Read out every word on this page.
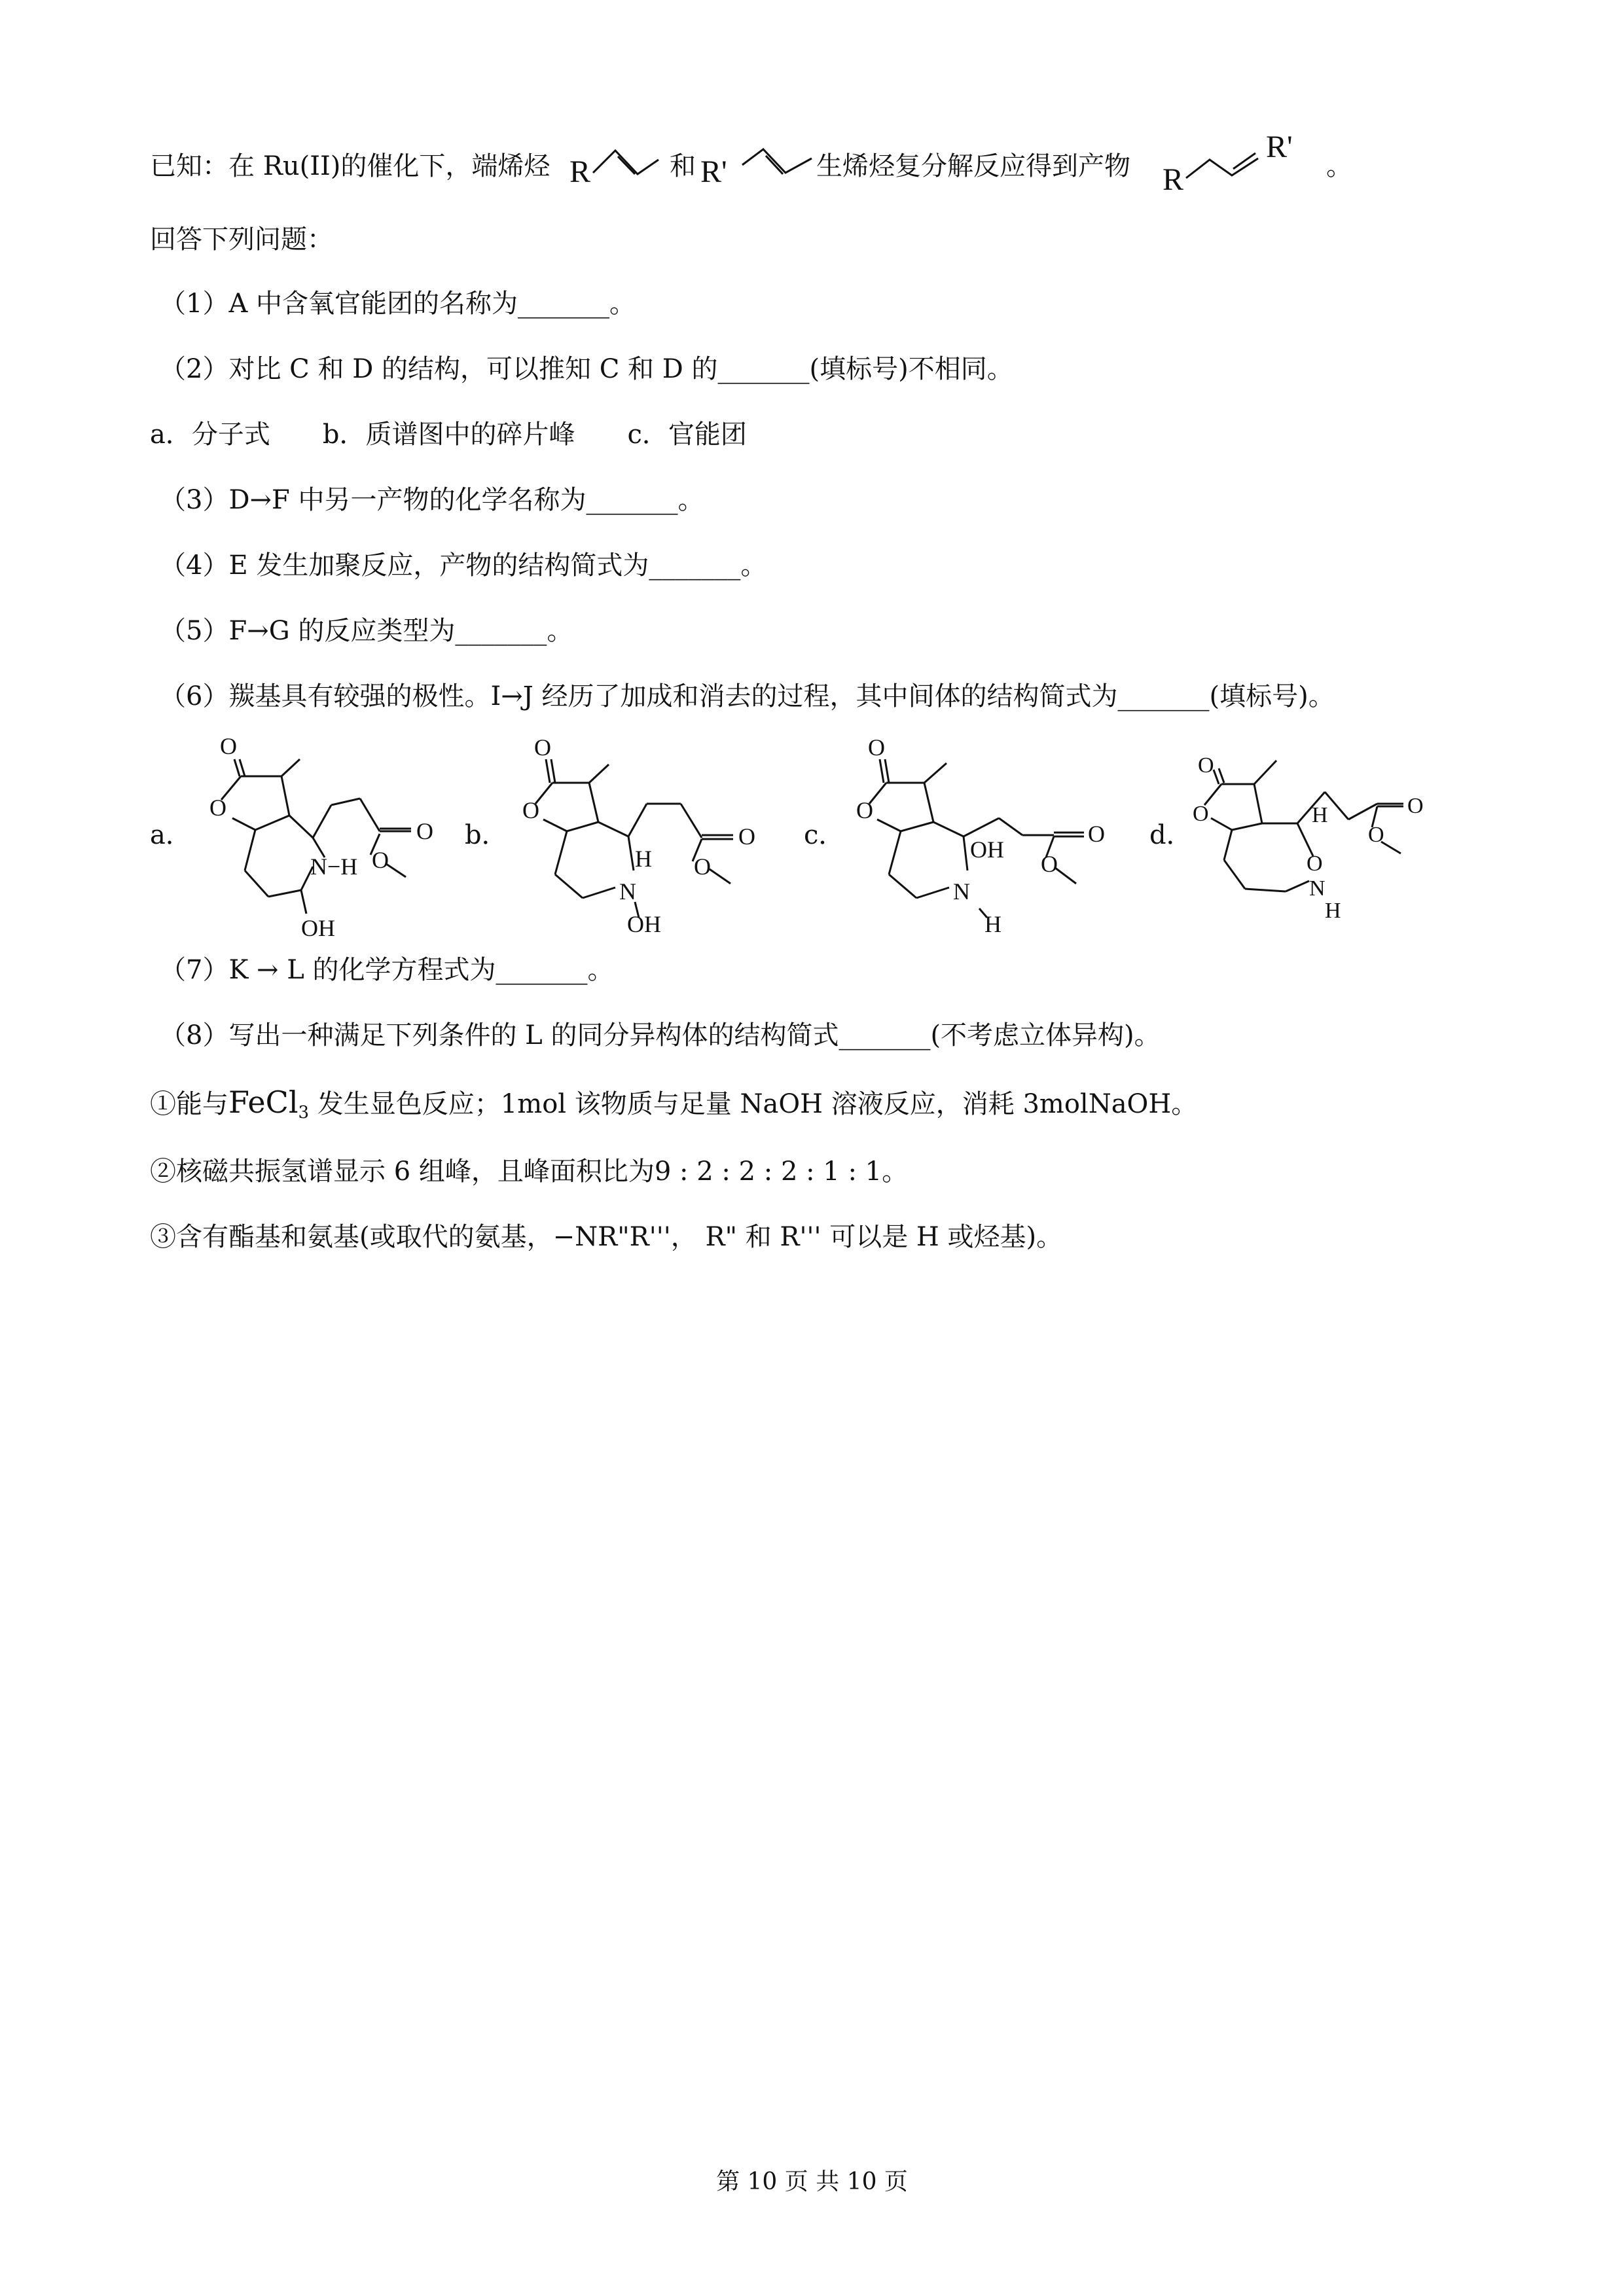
已知：在 Ru(II)的催化下，端烯烃 R	和 R'	生烯烃复分解反应得到产物 R
R'
。
回答下列问题：
（1）A 中含氧官能团的名称为_______。
（2）对比 C 和 D 的结构，可以推知 C 和 D 的_______(填标号)不相同。
a．分子式　　b．质谱图中的碎片峰　　c．官能团
（3）D→F 中另一产物的化学名称为_______。
（4）E 发生加聚反应，产物的结构简式为_______。
（5）F→G 的反应类型为_______。
（6）羰基具有较强的极性。I→J 经历了加成和消去的过程，其中间体的结构简式为_______(填标号)。
a．	b．	c．	d．
O
O
N−H
O
O
OH
O
O
H
N
O
O
OH
O
O
OH
N
H
O
O
O
O	H
O
N
H
O
O
（7）K → L 的化学方程式为_______。
（8）写出一种满足下列条件的 L 的同分异构体的结构简式_______(不考虑立体异构)。
①能与FeCl$_3$ 发生显色反应；1mol 该物质与足量 NaOH 溶液反应，消耗 3molNaOH。
②核磁共振氢谱显示 6 组峰，且峰面积比为9 : 2 : 2 : 2 : 1 : 1。
③含有酯基和氨基(或取代的氨基，−NR"R'''， R" 和 R''' 可以是 H 或烃基)。
第 10 页 共 10 页
